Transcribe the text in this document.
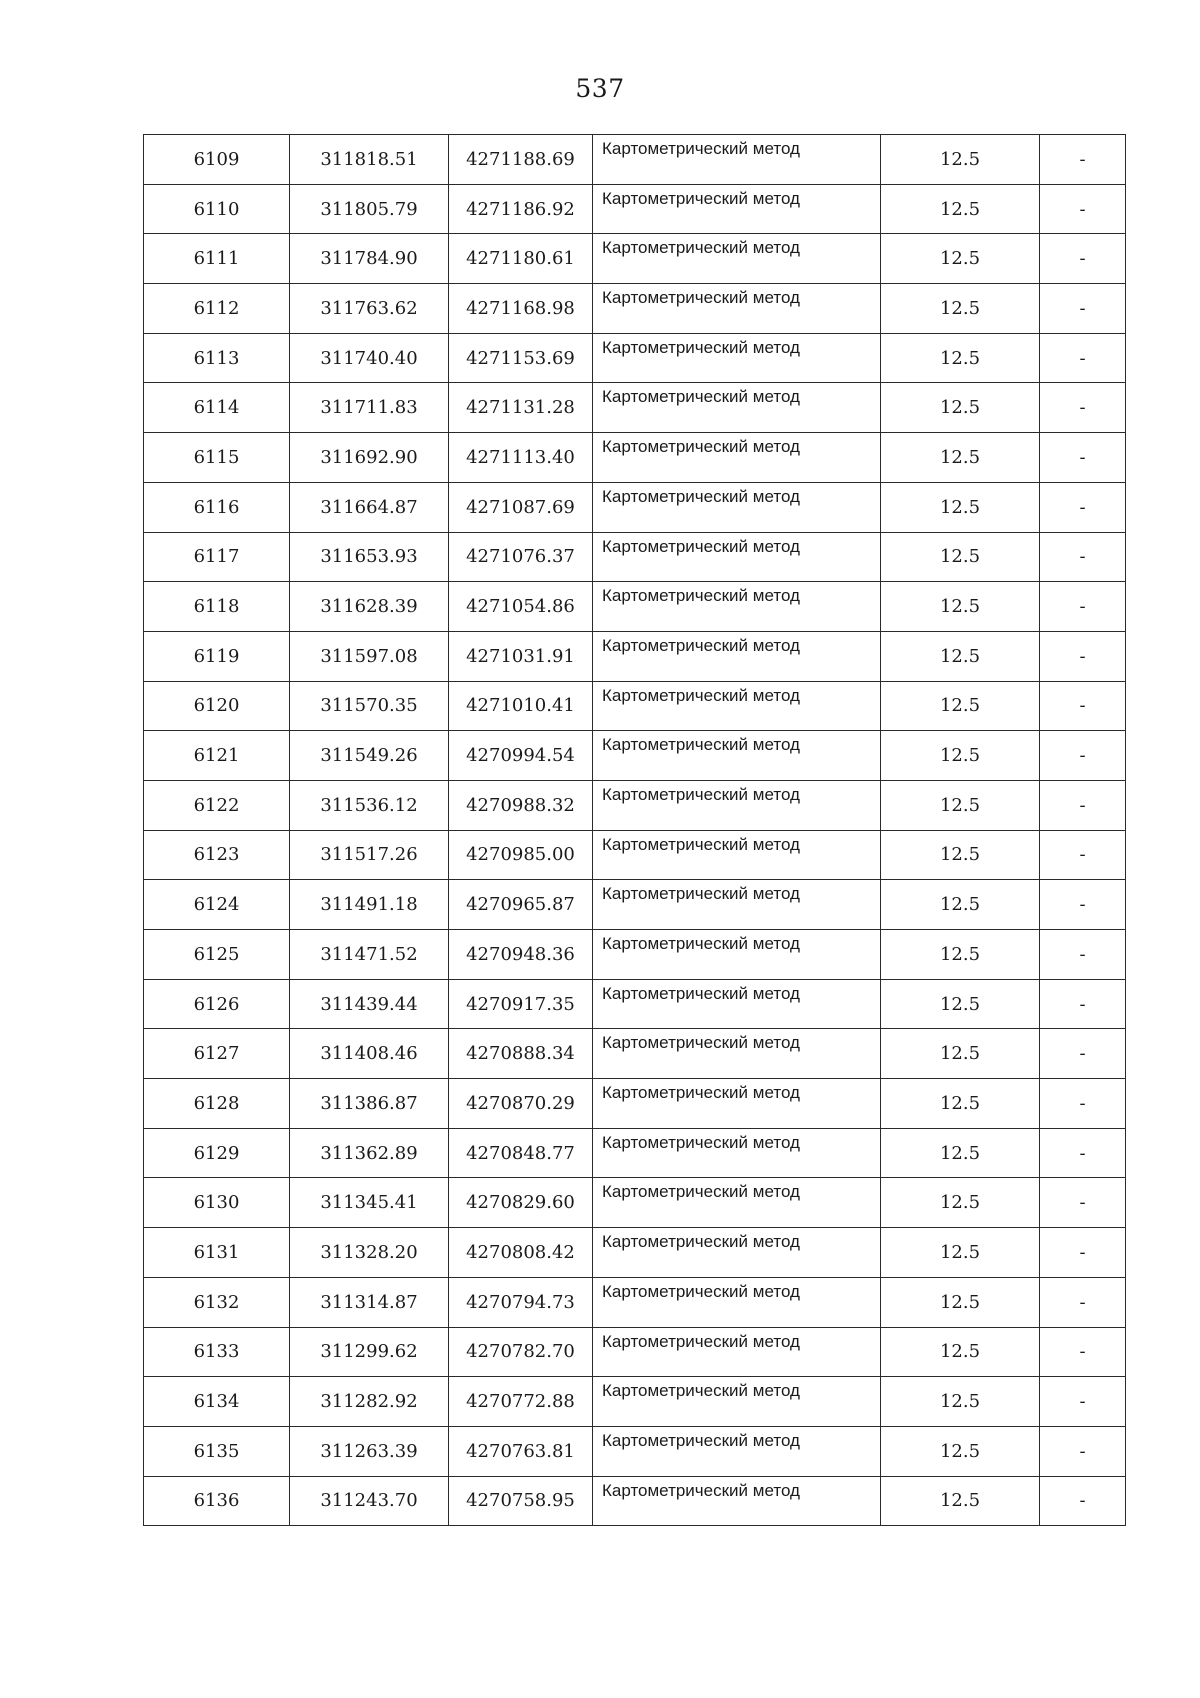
537
6109	311818.51	4271188.69	Картометрический метод	12.5	-
6110	311805.79	4271186.92	Картометрический метод	12.5	-
6111	311784.90	4271180.61	Картометрический метод	12.5	-
6112	311763.62	4271168.98	Картометрический метод	12.5	-
6113	311740.40	4271153.69	Картометрический метод	12.5	-
6114	311711.83	4271131.28	Картометрический метод	12.5	-
6115	311692.90	4271113.40	Картометрический метод	12.5	-
6116	311664.87	4271087.69	Картометрический метод	12.5	-
6117	311653.93	4271076.37	Картометрический метод	12.5	-
6118	311628.39	4271054.86	Картометрический метод	12.5	-
6119	311597.08	4271031.91	Картометрический метод	12.5	-
6120	311570.35	4271010.41	Картометрический метод	12.5	-
6121	311549.26	4270994.54	Картометрический метод	12.5	-
6122	311536.12	4270988.32	Картометрический метод	12.5	-
6123	311517.26	4270985.00	Картометрический метод	12.5	-
6124	311491.18	4270965.87	Картометрический метод	12.5	-
6125	311471.52	4270948.36	Картометрический метод	12.5	-
6126	311439.44	4270917.35	Картометрический метод	12.5	-
6127	311408.46	4270888.34	Картометрический метод	12.5	-
6128	311386.87	4270870.29	Картометрический метод	12.5	-
6129	311362.89	4270848.77	Картометрический метод	12.5	-
6130	311345.41	4270829.60	Картометрический метод	12.5	-
6131	311328.20	4270808.42	Картометрический метод	12.5	-
6132	311314.87	4270794.73	Картометрический метод	12.5	-
6133	311299.62	4270782.70	Картометрический метод	12.5	-
6134	311282.92	4270772.88	Картометрический метод	12.5	-
6135	311263.39	4270763.81	Картометрический метод	12.5	-
6136	311243.70	4270758.95	Картометрический метод	12.5	-
